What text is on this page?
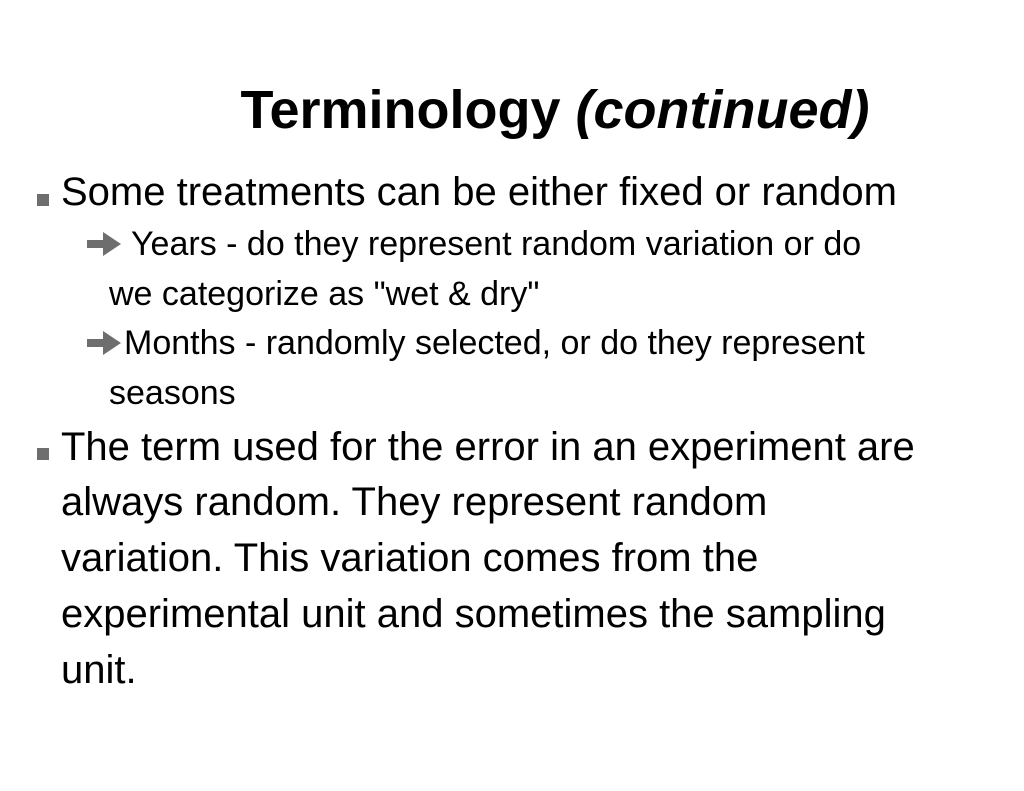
Terminology (continued)
Some treatments can be either fixed or random
Years - do they represent random variation or do
we categorize as "wet & dry"
Months - randomly selected, or do they represent
seasons
The term used for the error in an experiment are
always random. They represent random
variation. This variation comes from the
experimental unit and sometimes the sampling
unit.
